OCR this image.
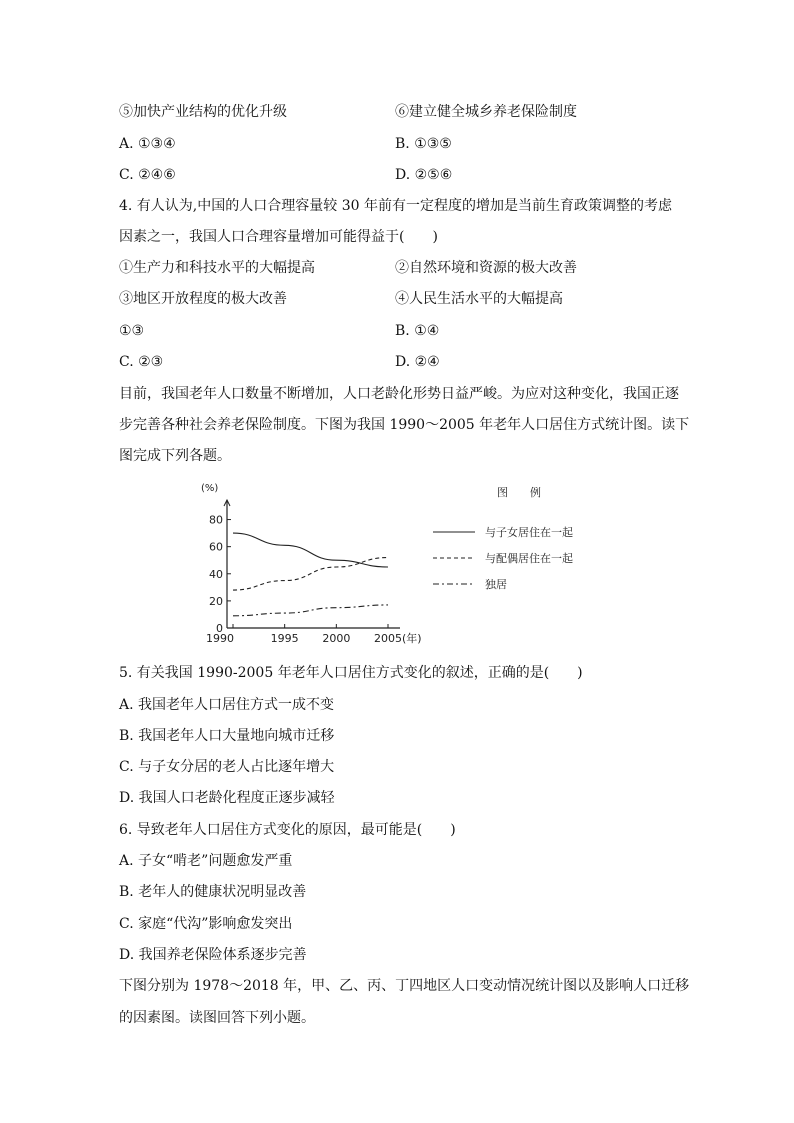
⑤加快产业结构的优化升级	⑥建立健全城乡养老保险制度
A. ①③④	B. ①③⑤
C. ②④⑥	D. ②⑤⑥
4. 有人认为,中国的人口合理容量较 30 年前有一定程度的增加是当前生育政策调整的考虑
因素之一，我国人口合理容量增加可能得益于(　　)
①生产力和科技水平的大幅提高	②自然环境和资源的极大改善
③地区开放程度的极大改善	④人民生活水平的大幅提高
①③	B. ①④
C. ②③	D. ②④
目前，我国老年人口数量不断增加，人口老龄化形势日益严峻。为应对这种变化，我国正逐
步完善各种社会养老保险制度。下图为我国 1990～2005 年老年人口居住方式统计图。读下
图完成下列各题。
(%)
0
20
40
60
80
1990	1995 2000 2005 (年)
图　　例
与子女居住在一起
与配偶居住在一起
独居
5. 有关我国 1990-2005 年老年人口居住方式变化的叙述，正确的是(　　)
A. 我国老年人口居住方式一成不变
B. 我国老年人口大量地向城市迁移
C. 与子女分居的老人占比逐年增大
D. 我国人口老龄化程度正逐步减轻
6. 导致老年人口居住方式变化的原因，最可能是(　　)
A. 子女“啃老”问题愈发严重
B. 老年人的健康状况明显改善
C. 家庭“代沟”影响愈发突出
D. 我国养老保险体系逐步完善
下图分别为 1978～2018 年，甲、乙、丙、丁四地区人口变动情况统计图以及影响人口迁移
的因素图。读图回答下列小题。
